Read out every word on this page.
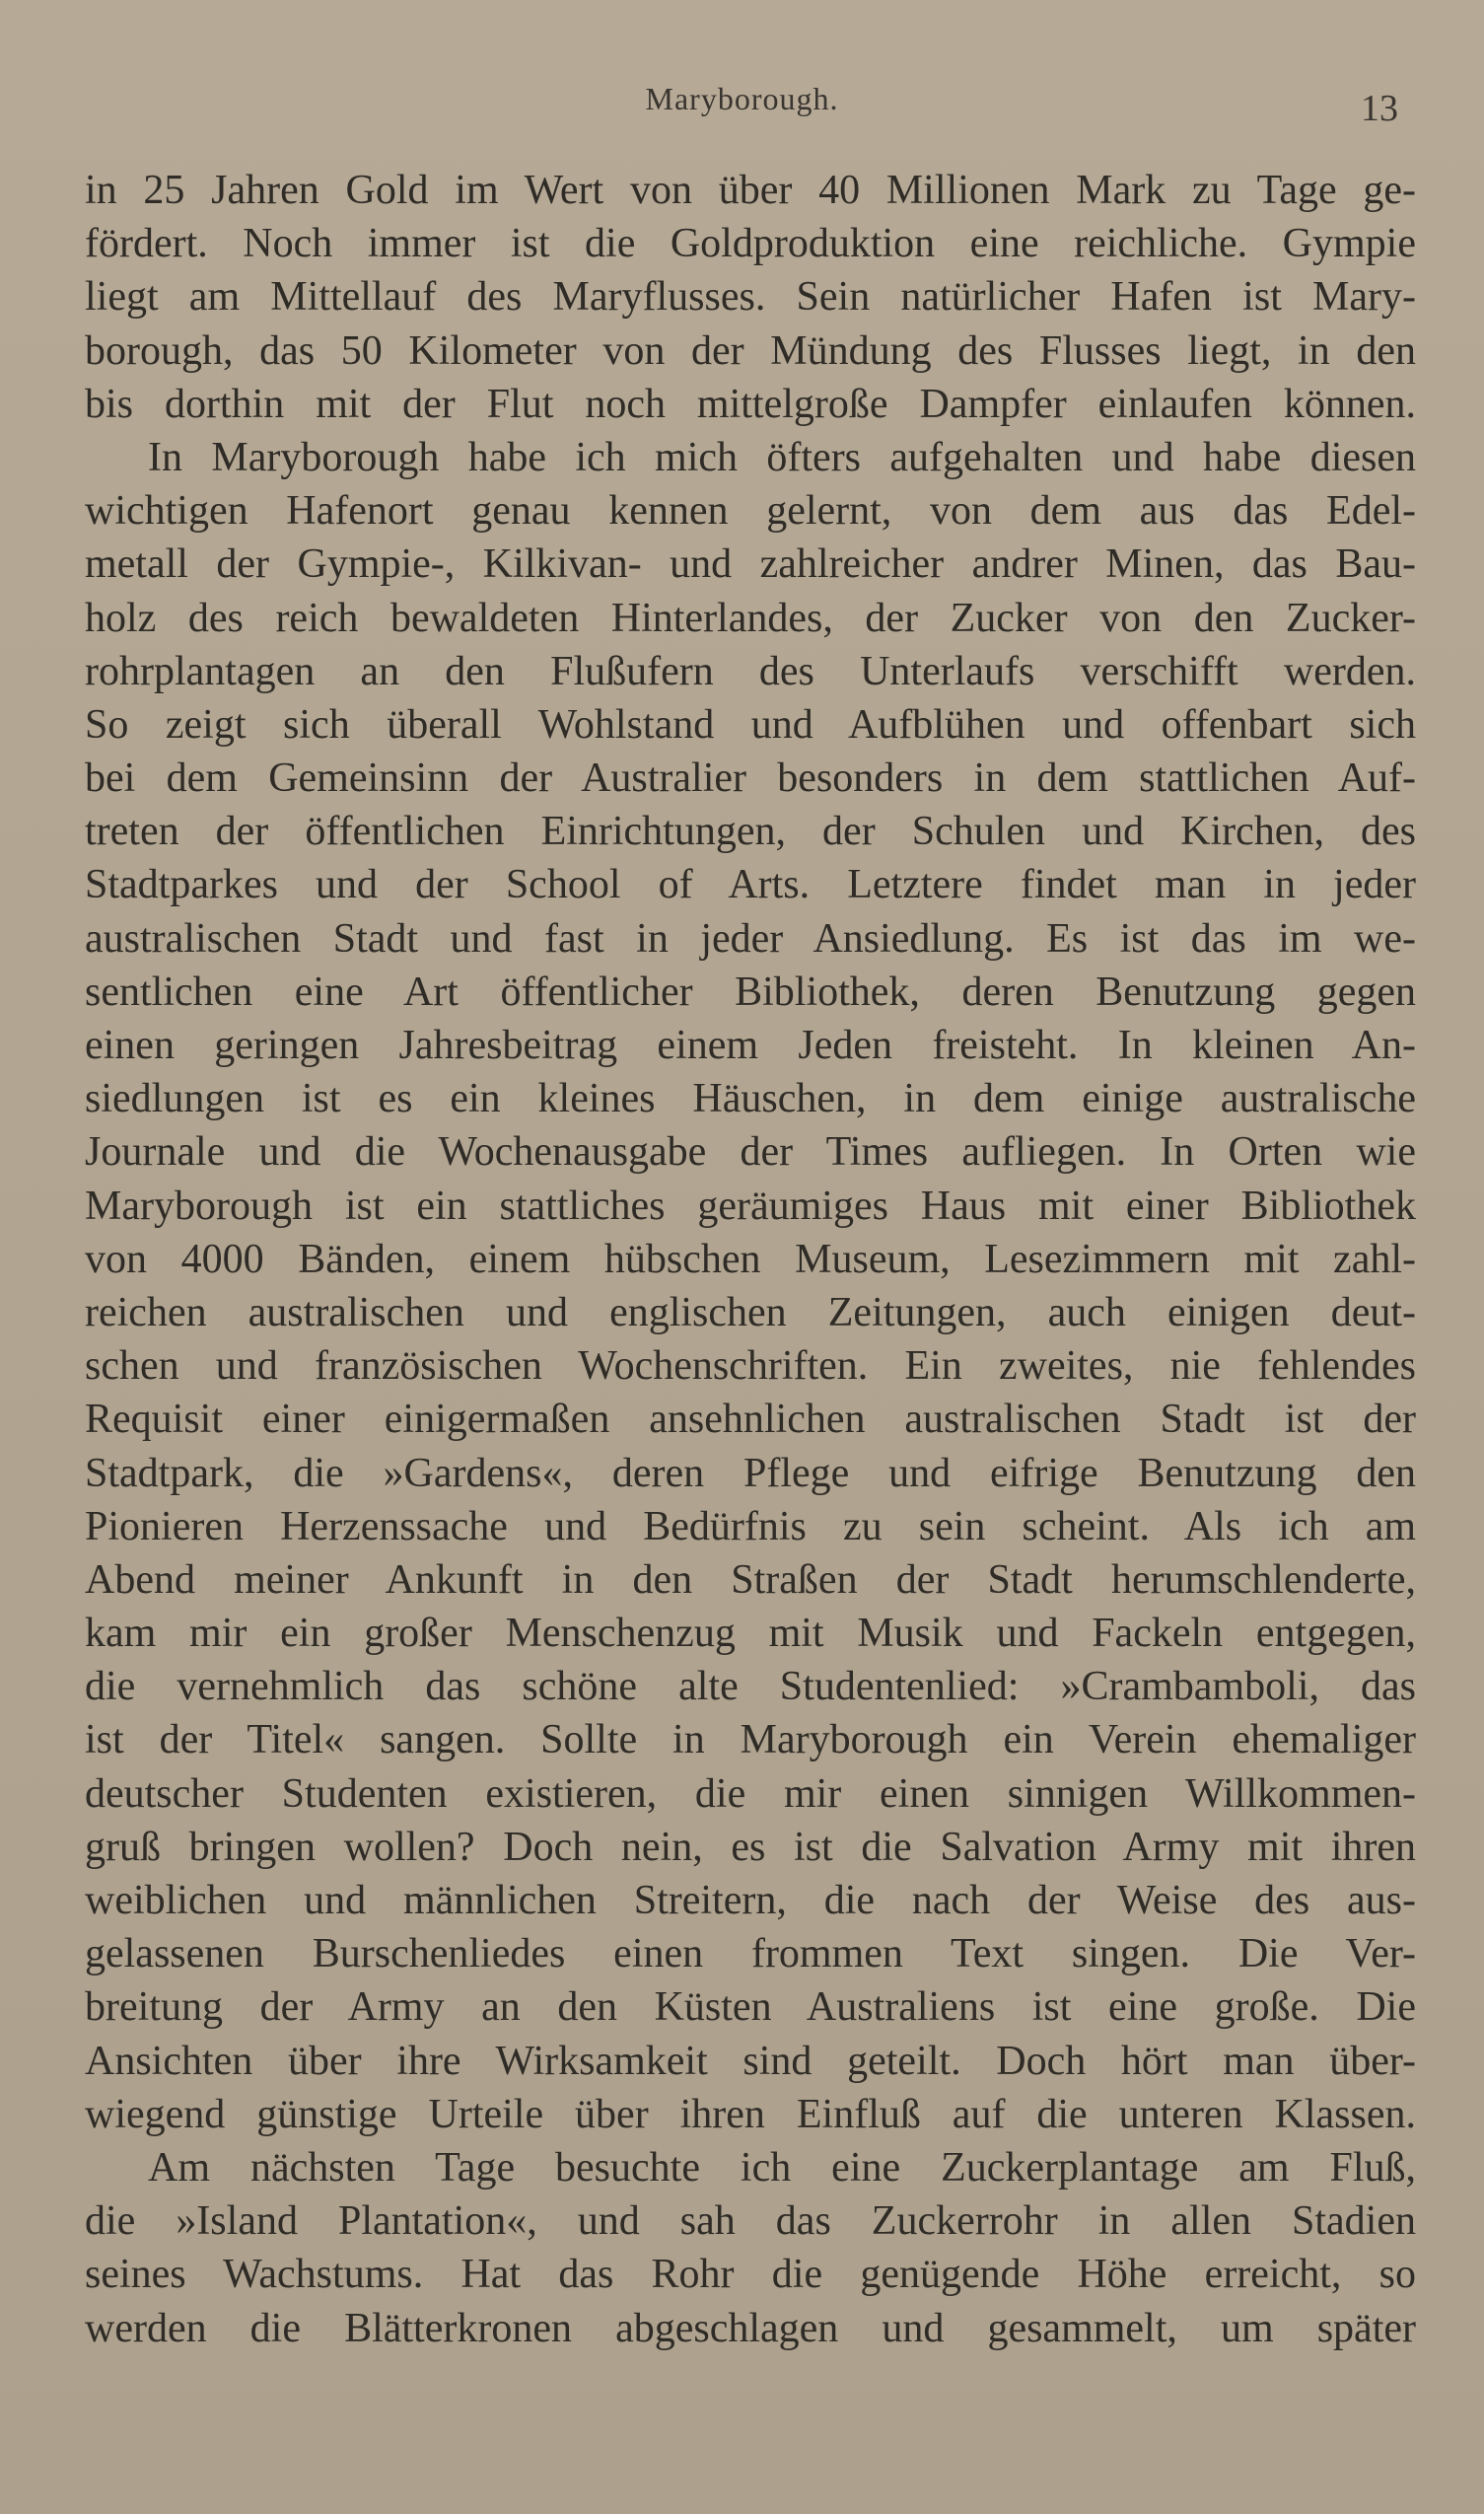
Maryborough.	13
in 25 Jahren Gold im Wert von über 40 Millionen Mark zu Tage ge-
fördert. Noch immer ist die Goldproduktion eine reichliche. Gympie
liegt am Mittellauf des Maryflusses. Sein natürlicher Hafen ist Mary-
borough, das 50 Kilometer von der Mündung des Flusses liegt, in den
bis dorthin mit der Flut noch mittelgroße Dampfer einlaufen können.
In Maryborough habe ich mich öfters aufgehalten und habe diesen
wichtigen Hafenort genau kennen gelernt, von dem aus das Edel-
metall der Gympie-, Kilkivan- und zahlreicher andrer Minen, das Bau-
holz des reich bewaldeten Hinterlandes, der Zucker von den Zucker-
rohrplantagen an den Flußufern des Unterlaufs verschifft werden.
So zeigt sich überall Wohlstand und Aufblühen und offenbart sich
bei dem Gemeinsinn der Australier besonders in dem stattlichen Auf-
treten der öffentlichen Einrichtungen, der Schulen und Kirchen, des
Stadtparkes und der School of Arts. Letztere findet man in jeder
australischen Stadt und fast in jeder Ansiedlung. Es ist das im we-
sentlichen eine Art öffentlicher Bibliothek, deren Benutzung gegen
einen geringen Jahresbeitrag einem Jeden freisteht. In kleinen An-
siedlungen ist es ein kleines Häuschen, in dem einige australische
Journale und die Wochenausgabe der Times aufliegen. In Orten wie
Maryborough ist ein stattliches geräumiges Haus mit einer Bibliothek
von 4000 Bänden, einem hübschen Museum, Lesezimmern mit zahl-
reichen australischen und englischen Zeitungen, auch einigen deut-
schen und französischen Wochenschriften. Ein zweites, nie fehlendes
Requisit einer einigermaßen ansehnlichen australischen Stadt ist der
Stadtpark, die »Gardens«, deren Pflege und eifrige Benutzung den
Pionieren Herzenssache und Bedürfnis zu sein scheint. Als ich am
Abend meiner Ankunft in den Straßen der Stadt herumschlenderte,
kam mir ein großer Menschenzug mit Musik und Fackeln entgegen,
die vernehmlich das schöne alte Studentenlied: »Crambamboli, das
ist der Titel« sangen. Sollte in Maryborough ein Verein ehemaliger
deutscher Studenten existieren, die mir einen sinnigen Willkommen-
gruß bringen wollen? Doch nein, es ist die Salvation Army mit ihren
weiblichen und männlichen Streitern, die nach der Weise des aus-
gelassenen Burschenliedes einen frommen Text singen. Die Ver-
breitung der Army an den Küsten Australiens ist eine große. Die
Ansichten über ihre Wirksamkeit sind geteilt. Doch hört man über-
wiegend günstige Urteile über ihren Einfluß auf die unteren Klassen.
Am nächsten Tage besuchte ich eine Zuckerplantage am Fluß,
die »Island Plantation«, und sah das Zuckerrohr in allen Stadien
seines Wachstums. Hat das Rohr die genügende Höhe erreicht, so
werden die Blätterkronen abgeschlagen und gesammelt, um später
